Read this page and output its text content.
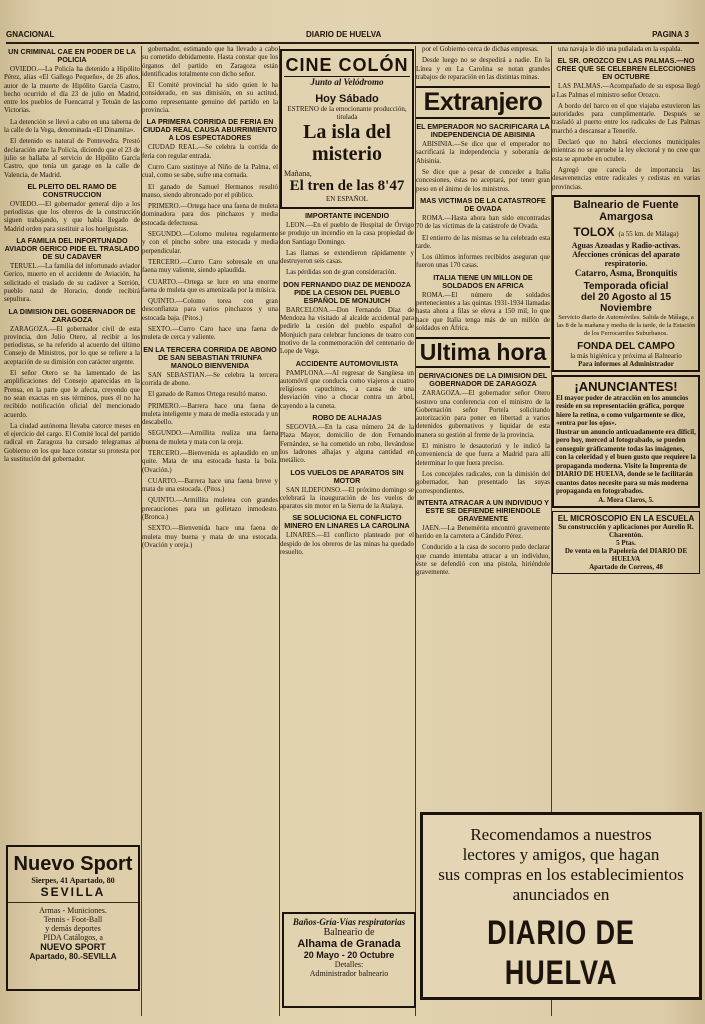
GNACIONAL	DIARIO DE HUELVA	PAGINA 3
UN CRIMINAL CAE EN PODER DE LA POLICIA

OVIEDO.—La Policía ha detenido a Hipólito Pérez, alias «El Gallego Pequeño», de 26 años, autor de la muerte de Hipólito García Castro, hecho ocurrido el día 23 de julio en Madrid, entre los pueblos de Fuencarral y Tetuán de las Victorias.

La detención se llevó a cabo en una taberna de la calle de la Vega, denominada «El Dinamita».

El detenido es natural de Pontevedra. Prestó declaración ante la Policía, diciendo que el 23 de julio se hallaba al servicio de Hipólito García Castro, que tenía un garage en la calle de Valencia, de Madrid.

EL PLEITO DEL RAMO DE CONSTRUCCION

OVIEDO.—El gobernador general dijo a los periodistas que los obreros de la construcción siguen trabajando, y que había llegado de Madrid orden para sustituir a los huelguistas.

LA FAMILIA DEL INFORTUNADO AVIADOR GERICO PIDE EL TRASLADO DE SU CADAVER

TERUEL.—La familia del infortunado aviador Gerico, muerto en el accidente de Aviación, ha solicitado el traslado de su cadáver a Serrión, pueblo natal de Horacio, donde recibirá sepultura.

LA DIMISION DEL GOBERNADOR DE ZARAGOZA

ZARAGOZA.—El gobernador civil de esta provincia, don Julio Otero, al recibir a los periodistas, se ha referido al acuerdo del último Consejo de Ministros, por lo que se refiere a la aceptación de su dimisión con carácter urgente.

El señor Otero se ha lamentado de las amplificaciones del Consejo aparecidas en la Prensa, en la parte que le afecta, creyendo que no sean exactas en sus términos, pues él no ha recibido notificación oficial del mencionado acuerdo.

La ciudad autónoma llevaba catorce meses en el ejercicio del cargo. El Comité local del partido radical en Zaragoza ha cursado telegramas al Gobierno en los que hace constar su protesta por la sustitución del gobernador.

Nuevo Sport
Sierpes, 41 Apartado, 80
SEVILLA
Armas - Municiones.
Tennis - Foot-Ball
y demás deportes
PIDA Catálogos, a
NUEVO SPORT
Apartado, 80.-SEVILLA

gobernador, estimando que ha llevado a cabo su cometido debidamente. Hasta constar que los órganos del partido en Zaragoza están identificados totalmente con dicho señor.

El Comité provincial ha sido quien le ha considerado, en sus dimisión, en su actitud, como representante genuino del partido en la provincia.

LA PRIMERA CORRIDA DE FERIA EN CIUDAD REAL CAUSA ABURRIMIENTO A LOS ESPECTADORES

CIUDAD REAL.—Se celebra la corrida de feria con regular entrada.

Curro Caro sustituye al Niño de la Palma, el cual, como se sabe, sufre una cornada.

El ganado de Samuel Hermanos resultó manso, siendo abroncado por el público.

PRIMERO.—Ortega hace una faena de muleta dominadora para dos pinchazos y media estocada defectuosa.

SEGUNDO.—Colomo muletea regularmente y con el pincho sobre una estocada y media perpendicular.

TERCERO.—Curro Caro sobresale en una faena muy valiente, siendo aplaudida.

CUARTO.—Ortega se luce en una enorme faena de muleta que es amenizada por la música.

QUINTO.—Colomo torea con gran desconfianza para varios pinchazos y una estocada baja. (Pitos.)

SEXTO.—Curro Caro hace una faena de muleta de cerca y valiente.

EN LA TERCERA CORRIDA DE ABONO DE SAN SEBASTIAN TRIUNFA MANOLO BIENVENIDA

SAN SEBASTIAN.—Se celebra la tercera corrida de abono.

El ganado de Ramos Ortega resultó manso.

PRIMERO.—Barrera hace una faena de muleta inteligente y mata de media estocada y un descabello.

SEGUNDO.—Armillita realiza una faena buena de muleta y mata con la oreja.

TERCERO.—Bienvenida es aplaudido en un quite. Mata de una estocada hasta la bola. (Ovación.)

CUARTO.—Barrera hace una faena breve y mata de una estocada. (Pitos.)

QUINTO.—Armillita muletea con grandes precauciones para un golletazo inmodesto. (Bronca.)

SEXTO.—Bienvenida hace una faena de muleta muy buena y mata de una estocada. (Ovación y oreja.)

CINE COLÓN
Junto al Velódromo
Hoy Sábado
ESTRENO de la emocionante producción, titulada
La isla del misterio
Mañana,
El tren de las 8'47
EN ESPAÑOL
IMPORTANTE INCENDIO

LEON.—En el pueblo de Hospital de Órvigo se produjo un incendio en la casa propiedad de don Santiago Domingo.

Las llamas se extendieron rápidamente y destruyeron seis casas.

Las pérdidas son de gran consideración.

DON FERNANDO DIAZ DE MENDOZA PIDE LA CESION DEL PUEBLO ESPAÑOL DE MONJUICH

BARCELONA.—Don Fernando Díaz de Mendoza ha visitado al alcalde accidental para pedirle la cesión del pueblo español de Monjuich para celebrar funciones de teatro con motivo de la conmemoración del centenario de Lope de Vega.

ACCIDENTE AUTOMOVILISTA

PAMPLONA.—Al regresar de Sangüesa un automóvil que conducía como viajeros a cuatro religiosos capuchinos, a causa de una desviación vino a chocar contra un árbol, cayendo a la cuneta.

ROBO DE ALHAJAS

SEGOVIA.—En la casa número 24 de la Plaza Mayor, domicilio de don Fernando Fernández, se ha cometido un robo, llevándose los ladrones alhajas y alguna cantidad en metálico.

LOS VUELOS DE APARATOS SIN MOTOR

SAN ILDEFONSO.—El próximo domingo se celebrará la inauguración de los vuelos de aparatos sin motor en la Sierra de la Atalaya.

SE SOLUCIONA EL CONFLICTO MINERO EN LINARES LA CAROLINA

LINARES.—El conflicto planteado por el despido de los obreros de las minas ha quedado resuelto.

Baños-Gría-Vías respiratorias
Balneario de
Alhama de Granada
20 Mayo - 20 Octubre
Detalles:
Administrador balneario

por el Gobierno cerca de dichas empresas.

Desde luego no se despedirá a nadie. En la Línea y en La Carolina se notan grandes trabajos de reparación en las distintas minas.

Extranjero
EL EMPERADOR NO SACRIFICARA LA INDEPENDENCIA DE ABISINIA

ABISINIA.—Se dice que el emperador no sacrificará la independencia y soberanía de Abisinia.

Se dice que a pesar de conceder a Italia concesiones, éstas no aceptará, por tener gran peso en el ánimo de los ministros.

MAS VICTIMAS DE LA CATASTROFE DE OVADA

ROMA.—Hasta ahora han sido encontradas 70 de las víctimas de la catástrofe de Ovada.

El entierro de las mismas se ha celebrado esta tarde.

Los últimos informes recibidos aseguran que fueron unas 170 casas.

ITALIA TIENE UN MILLON DE SOLDADOS EN AFRICA

ROMA.—El número de soldados pertenecientes a las quintas 1931-1934 llamadas hasta ahora a filas se eleva a 150 mil, lo que hace que Italia tenga más de un millón de soldados en África.

Ultima hora
DERIVACIONES DE LA DIMISION DEL GOBERNADOR DE ZARAGOZA

ZARAGOZA.—El gobernador señor Otero sostuvo una conferencia con el ministro de la Gobernación señor Portela solicitando autorización para poner en libertad a varios detenidos gubernativos y liquidar de esta manera su gestión al frente de la provincia.

El ministro le desautorizó y le indicó la conveniencia de que fuera a Madrid para allí determinar lo que fuera preciso.

Los concejales radicales, con la dimisión del gobernador, han presentado las suyas correspondientes.

INTENTA ATRACAR A UN INDIVIDUO Y ESTE SE DEFIENDE HIRIENDOLE GRAVEMENTE

JAEN.—La Benemérita encontró gravemente herido en la carretera a Cándido Pérez.

Conducido a la casa de socorro pudo declarar que cuando intentaba atracar a un individuo, éste se defendió con una pistola, hiriéndole gravemente.

una navaja le dió una puñalada en la espalda.

EL SR. OROZCO EN LAS PALMAS.—NO CREE QUE SE CELEBREN ELECCIONES EN OCTUBRE

LAS PALMAS.—Acompañado de su esposa llegó a Las Palmas el ministro señor Orozco.

A bordo del barco en el que viajaba estuvieron las autoridades para cumplimentarle. Después se trasladó al puerto entre los radicales de Las Palmas marchó a descansar a Tenerife.

Declaró que no habrá elecciones municipales mientras no se apruebe la ley electoral y no cree que esta se apruebe en octubre.

Agregó que carecía de importancia las desavenencias entre radicales y cedistas en varias provincias.

Balneario de Fuente Amargosa
TOLOX (a 55 km. de Málaga)
Aguas Azoadas y Radio-activas.
Afecciones crónicas del aparato respiratorio.
Catarro, Asma, Bronquitis
Temporada oficial
del 20 Agosto al 15 Noviembre
Servicio diario de Automóviles. Salida de Málaga, a las 8 de la mañana y media de la tarde, de la Estación de los Ferrocarriles Suburbanos.
FONDA DEL CAMPO
la más higiénica y próxima al Balneario
Para informes al Administrador
¡ANUNCIANTES!
El mayor poder de atracción en los anuncios reside en su representación gráfica, porque hiere la retina, o como vulgarmente se dice, «entra por los ojos».
Ilustrar un anuncio anticuadamente era difícil, pero hoy, merced al fotograbado, se pueden conseguir gráficamente todas las imágenes, con la celeridad y el buen gusto que requiere la propaganda moderna. Visite la Imprenta de DIARIO DE HUELVA, donde se le facilitarán cuantos datos necesite para su más moderna propaganda en fotograbados.
A. Mora Claros, 5.
EL MICROSCOPIO EN LA ESCUELA
Su construcción y aplicaciones por Aurelio R. Charentón.
5 Ptas.
De venta en la Papelería del DIARIO DE HUELVA
Apartado de Correos, 48
Recomendamos a nuestros
lectores y amigos, que hagan
sus compras en los establecimientos anunciados en
DIARIO DE HUELVA
